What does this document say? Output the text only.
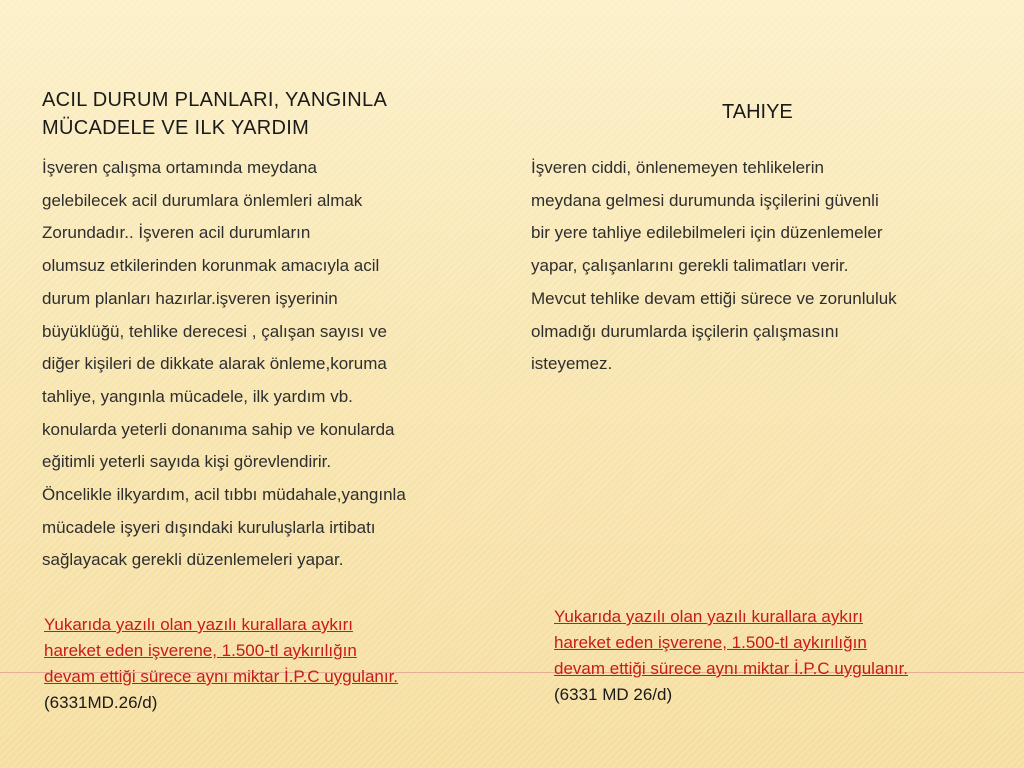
ACIL DURUM PLANLARI, YANGINLA
MÜCADELE VE ILK YARDIM
TAHIYE
İşveren çalışma ortamında meydana
gelebilecek acil durumlara önlemleri almak
Zorundadır.. İşveren acil durumların
olumsuz etkilerinden korunmak amacıyla acil
durum planları hazırlar.işveren işyerinin
büyüklüğü, tehlike derecesi , çalışan sayısı ve
diğer kişileri de dikkate alarak önleme,koruma
tahliye, yangınla mücadele, ilk yardım vb.
konularda yeterli donanıma sahip ve konularda
eğitimli yeterli sayıda kişi görevlendirir.
Öncelikle ilkyardım, acil tıbbı müdahale,yangınla
mücadele işyeri dışındaki kuruluşlarla irtibatı
sağlayacak gerekli düzenlemeleri yapar.
İşveren ciddi, önlenemeyen tehlikelerin
meydana gelmesi durumunda işçilerini güvenli
bir yere tahliye edilebilmeleri için düzenlemeler
yapar, çalışanlarını gerekli talimatları verir.
Mevcut tehlike devam ettiği sürece ve zorunluluk
olmadığı durumlarda işçilerin çalışmasını
isteyemez.
Yukarıda yazılı olan yazılı kurallara aykırı
hareket eden işverene, 1.500-tl aykırılığın
devam ettiği sürece aynı miktar İ.P.C uygulanır.
(6331MD.26/d)
Yukarıda yazılı olan yazılı kurallara aykırı
hareket eden işverene, 1.500-tl aykırılığın
devam ettiği sürece aynı miktar İ.P.C uygulanır.
(6331 MD 26/d)
